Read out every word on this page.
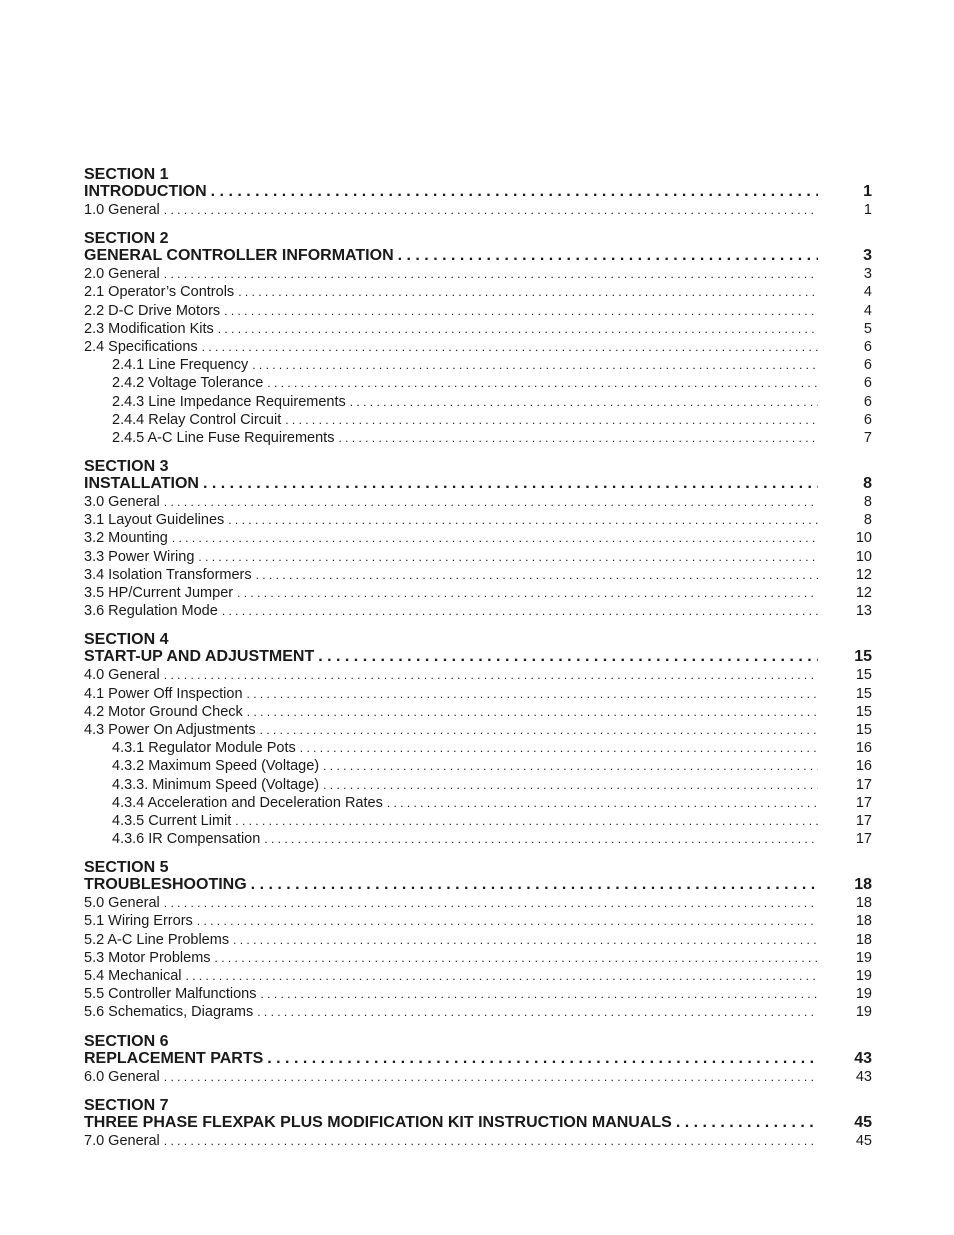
SECTION 1
INTRODUCTION . . .	1
1.0 General . . .	1
SECTION 2
GENERAL CONTROLLER INFORMATION . . .	3
2.0 General . . .	3
2.1 Operator’s Controls . . .	4
2.2 D-C Drive Motors . . .	4
2.3 Modification Kits . . .	5
2.4 Specifications . . .	6
2.4.1 Line Frequency . . .	6
2.4.2 Voltage Tolerance . . .	6
2.4.3 Line Impedance Requirements . . .	6
2.4.4 Relay Control Circuit . . .	6
2.4.5 A-C Line Fuse Requirements . . .	7
SECTION 3
INSTALLATION . . .	8
3.0 General . . .	8
3.1 Layout Guidelines . . .	8
3.2 Mounting . . .	10
3.3 Power Wiring . . .	10
3.4 Isolation Transformers . . .	12
3.5 HP/Current Jumper . . .	12
3.6 Regulation Mode . . .	13
SECTION 4
START-UP AND ADJUSTMENT . . .	15
4.0 General . . .	15
4.1 Power Off Inspection . . .	15
4.2 Motor Ground Check . . .	15
4.3 Power On Adjustments . . .	15
4.3.1 Regulator Module Pots . . .	16
4.3.2 Maximum Speed (Voltage) . . .	16
4.3.3. Minimum Speed (Voltage) . . .	17
4.3.4 Acceleration and Deceleration Rates . . .	17
4.3.5 Current Limit . . .	17
4.3.6 IR Compensation . . .	17
SECTION 5
TROUBLESHOOTING . . .	18
5.0 General . . .	18
5.1 Wiring Errors . . .	18
5.2 A-C Line Problems . . .	18
5.3 Motor Problems . . .	19
5.4 Mechanical . . .	19
5.5 Controller Malfunctions . . .	19
5.6 Schematics, Diagrams . . .	19
SECTION 6
REPLACEMENT PARTS . . .	43
6.0 General . . .	43
SECTION 7
THREE PHASE FLEXPAK PLUS MODIFICATION KIT INSTRUCTION MANUALS . . .	45
7.0 General . . .	45
